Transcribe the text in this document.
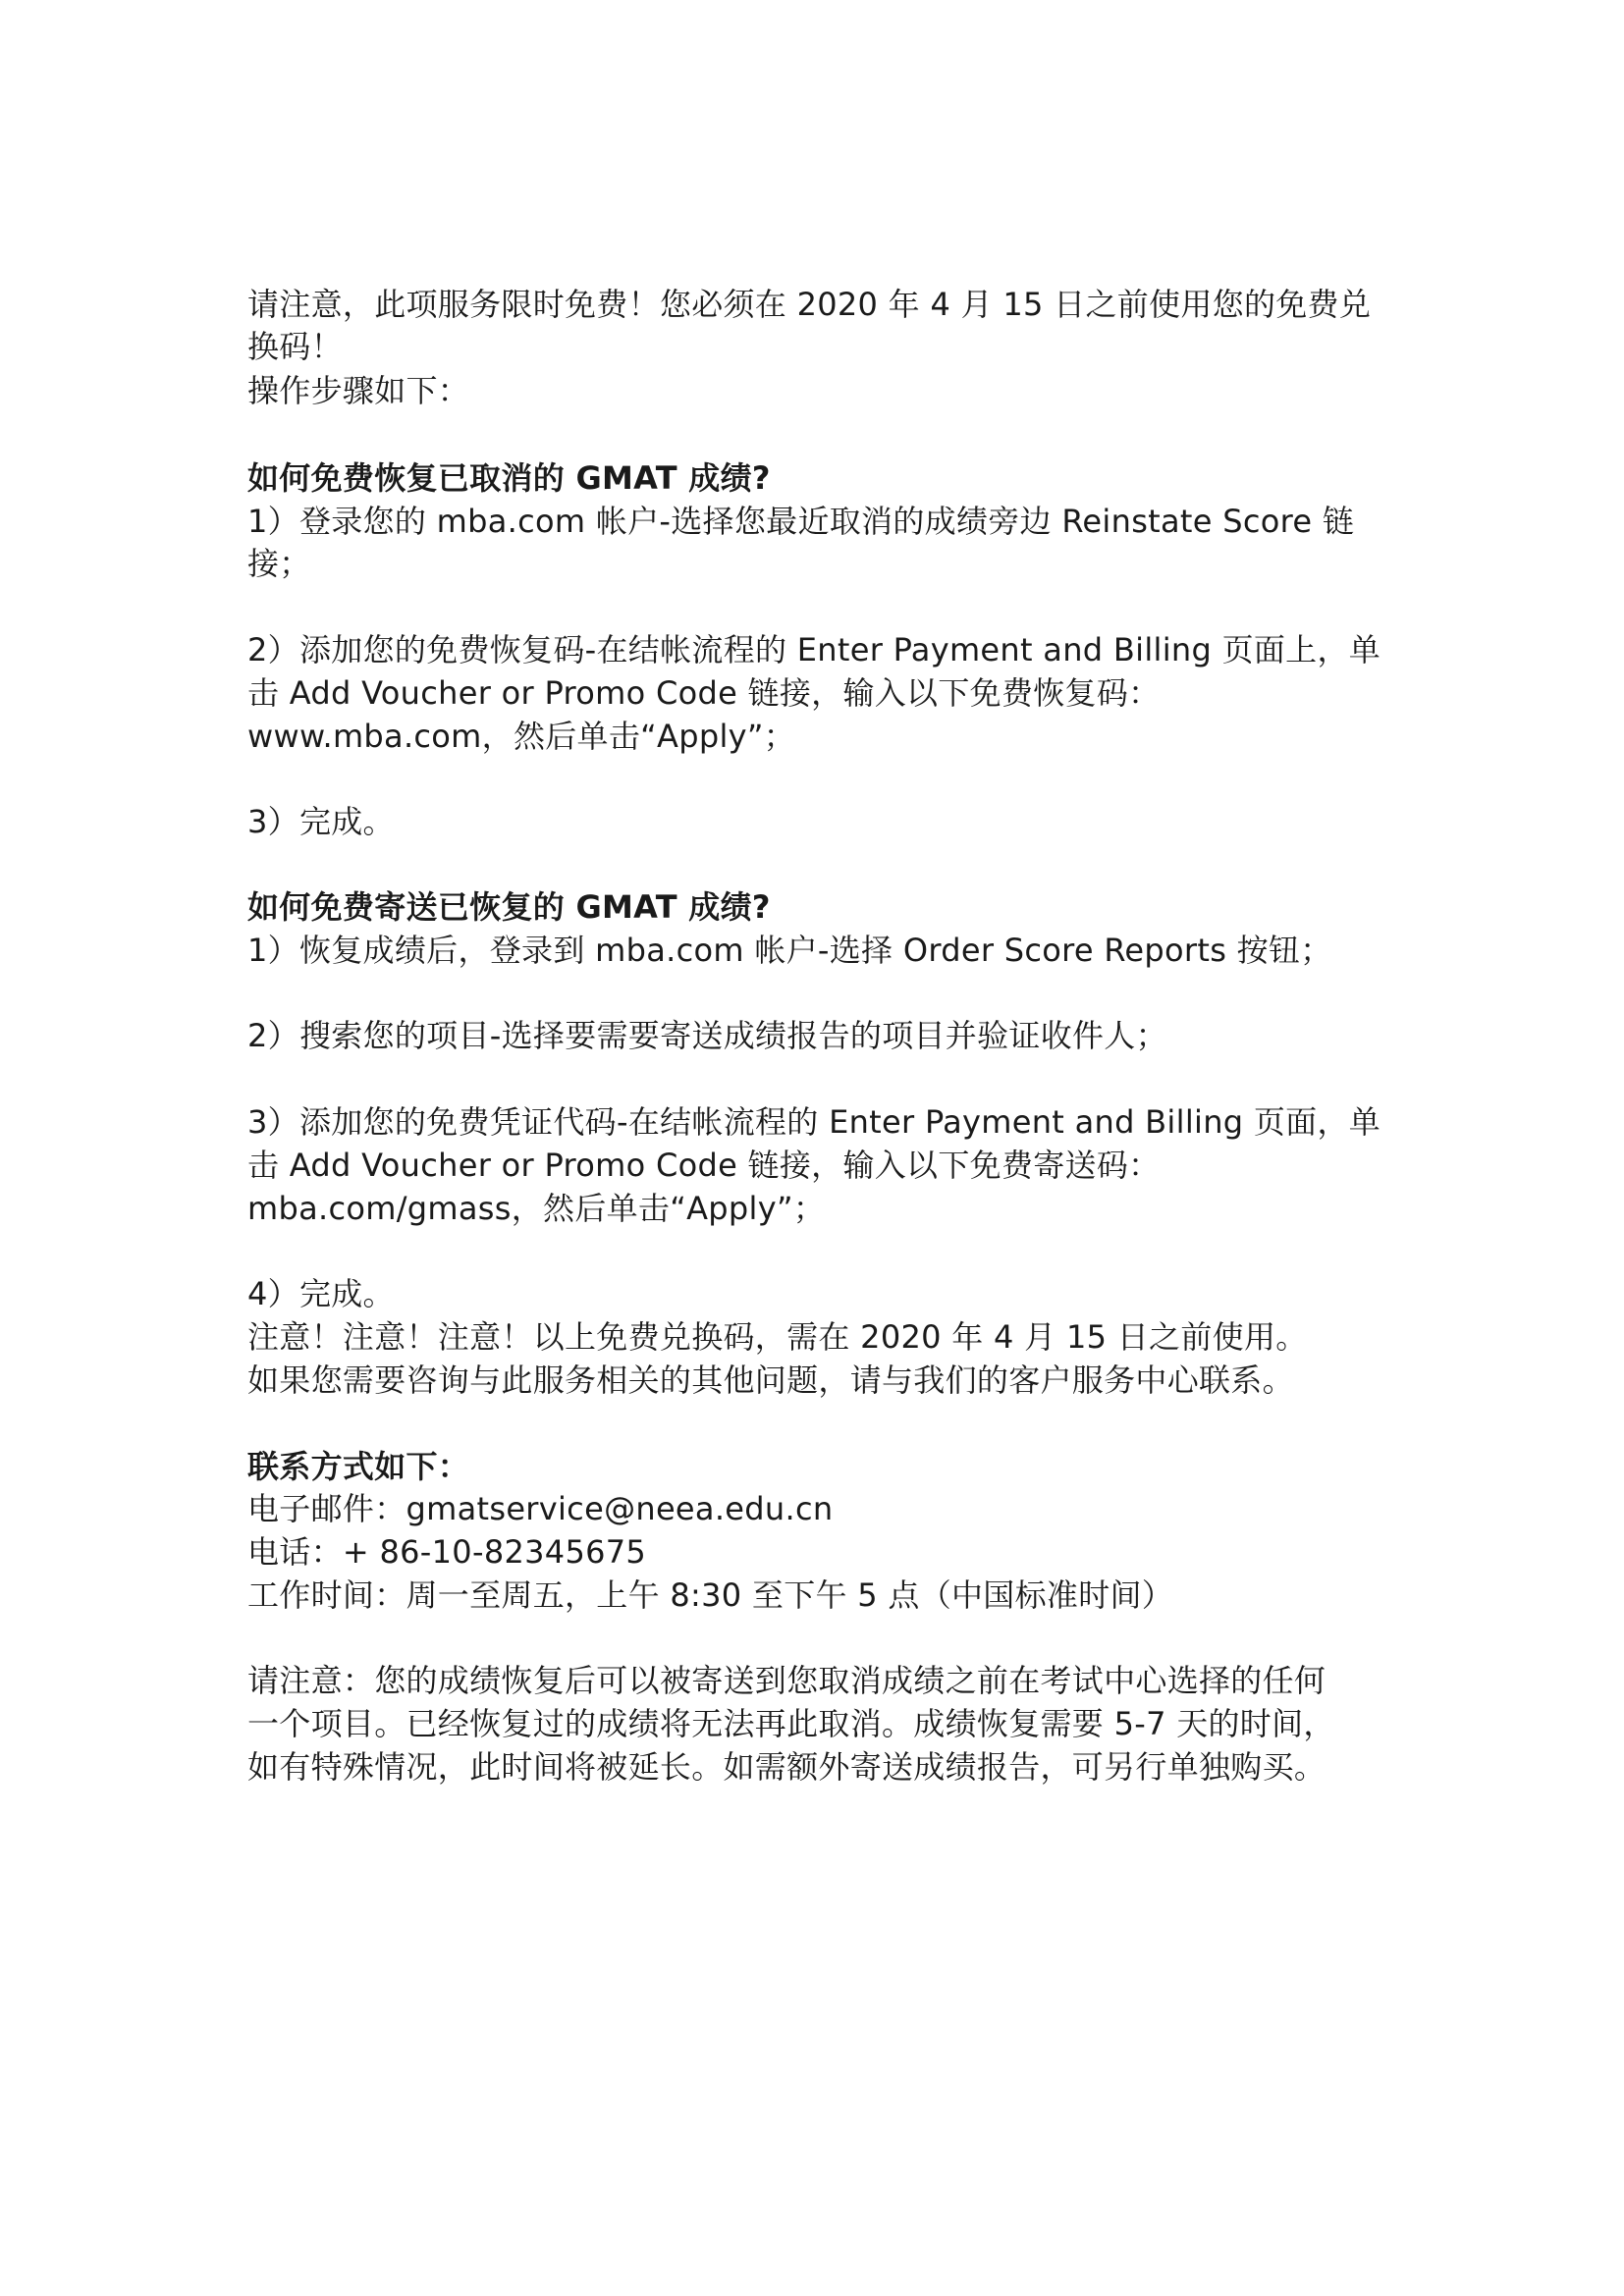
请注意，此项服务限时免费！您必须在 2020 年 4 月 15 日之前使用您的免费兑
换码！
操作步骤如下：
如何免费恢复已取消的 GMAT 成绩?
1）登录您的 mba.com 帐户-选择您最近取消的成绩旁边 Reinstate Score 链
接；
2）添加您的免费恢复码-在结帐流程的 Enter Payment and Billing 页面上，单
击 Add Voucher or Promo Code 链接，输入以下免费恢复码：
www.mba.com，然后单击“Apply”；
3）完成。
如何免费寄送已恢复的 GMAT 成绩?
1）恢复成绩后，登录到 mba.com 帐户-选择 Order Score Reports 按钮；
2）搜索您的项目-选择要需要寄送成绩报告的项目并验证收件人；
3）添加您的免费凭证代码-在结帐流程的 Enter Payment and Billing 页面，单
击 Add Voucher or Promo Code 链接，输入以下免费寄送码：
mba.com/gmass，然后单击“Apply”；
4）完成。
注意！注意！注意！以上免费兑换码，需在 2020 年 4 月 15 日之前使用。
如果您需要咨询与此服务相关的其他问题，请与我们的客户服务中心联系。
联系方式如下：
电子邮件：gmatservice@neea.edu.cn
电话：+ 86-10-82345675
工作时间：周一至周五，上午 8:30 至下午 5 点（中国标准时间）
请注意：您的成绩恢复后可以被寄送到您取消成绩之前在考试中心选择的任何
一个项目。已经恢复过的成绩将无法再此取消。成绩恢复需要 5-7 天的时间，
如有特殊情况，此时间将被延长。如需额外寄送成绩报告，可另行单独购买。
